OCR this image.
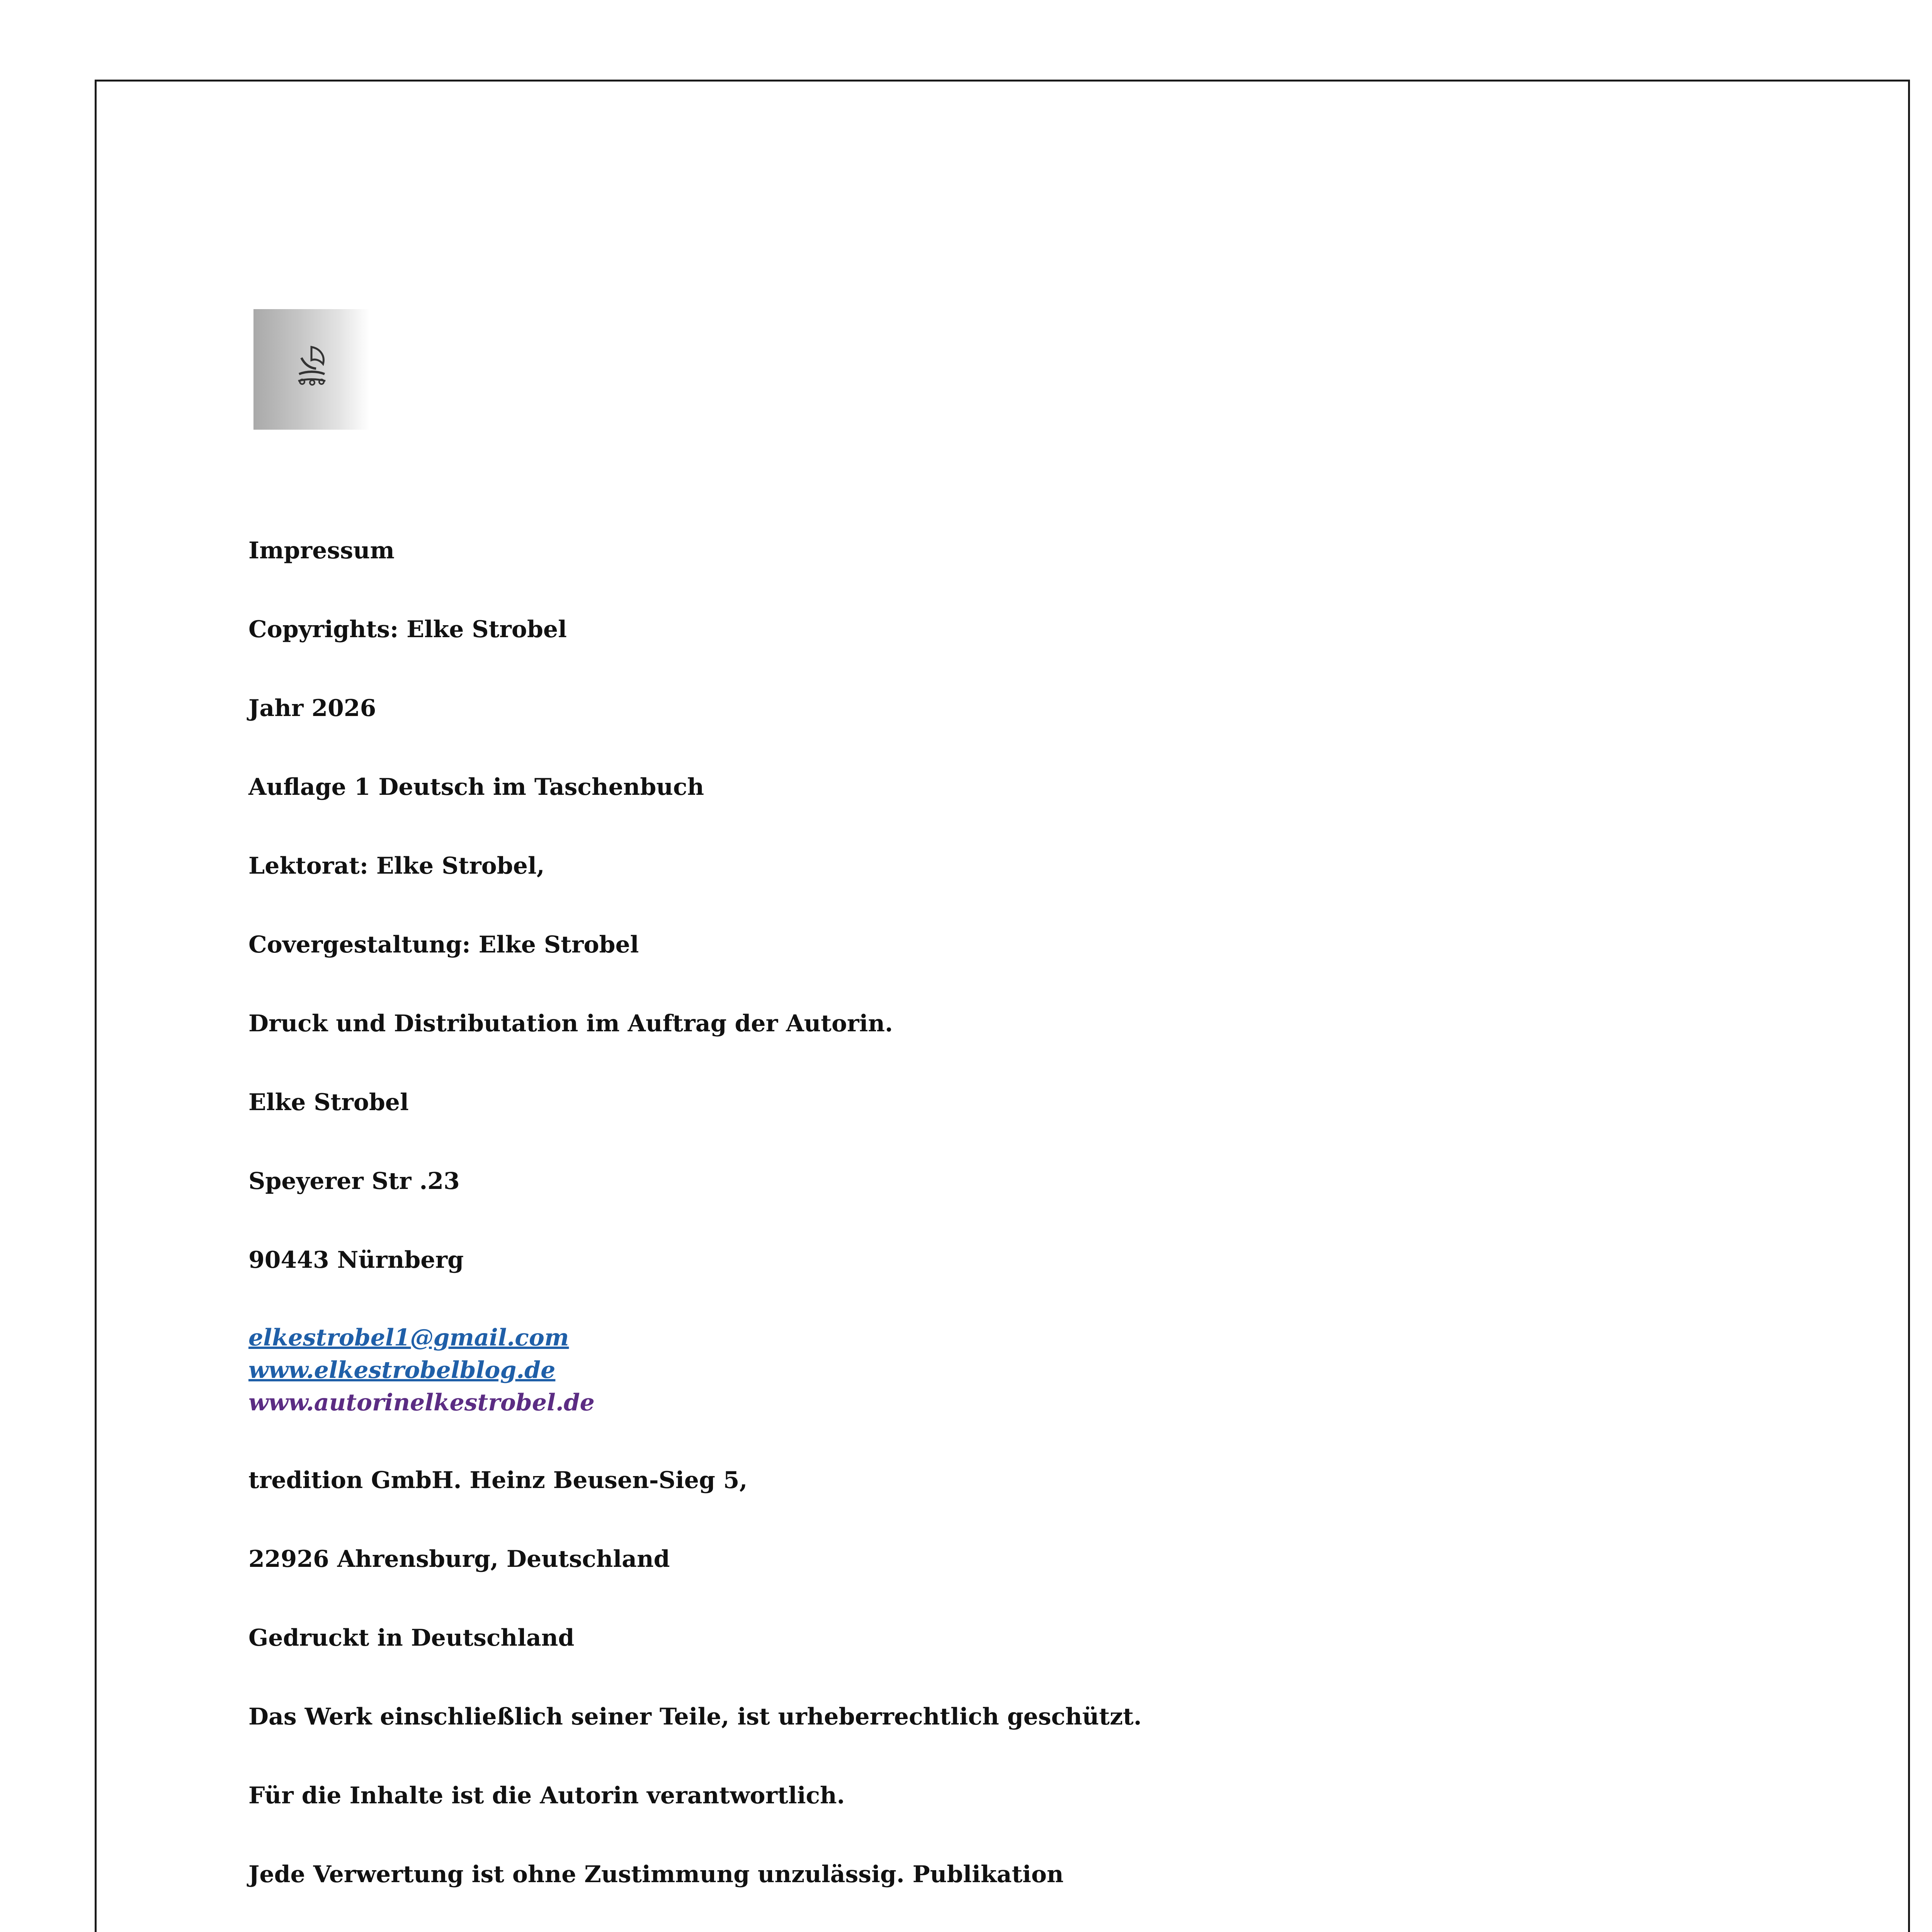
Impressum
Copyrights: Elke Strobel
Jahr 2026
Auflage 1 Deutsch im Taschenbuch
Lektorat: Elke Strobel,
Covergestaltung: Elke Strobel
Druck und Distributation im Auftrag der Autorin.
Elke Strobel
Speyerer Str .23
90443 Nürnberg
elkestrobel1@gmail.com
www.elkestrobelblog.de
www.autorinelkestrobel.de
tredition GmbH. Heinz Beusen-Sieg 5,
22926 Ahrensburg, Deutschland
Gedruckt in Deutschland
Das Werk einschließlich seiner Teile, ist urheberrechtlich geschützt.
Für die Inhalte ist die Autorin verantwortlich.
Jede Verwertung ist ohne Zustimmung unzulässig. Publikation
